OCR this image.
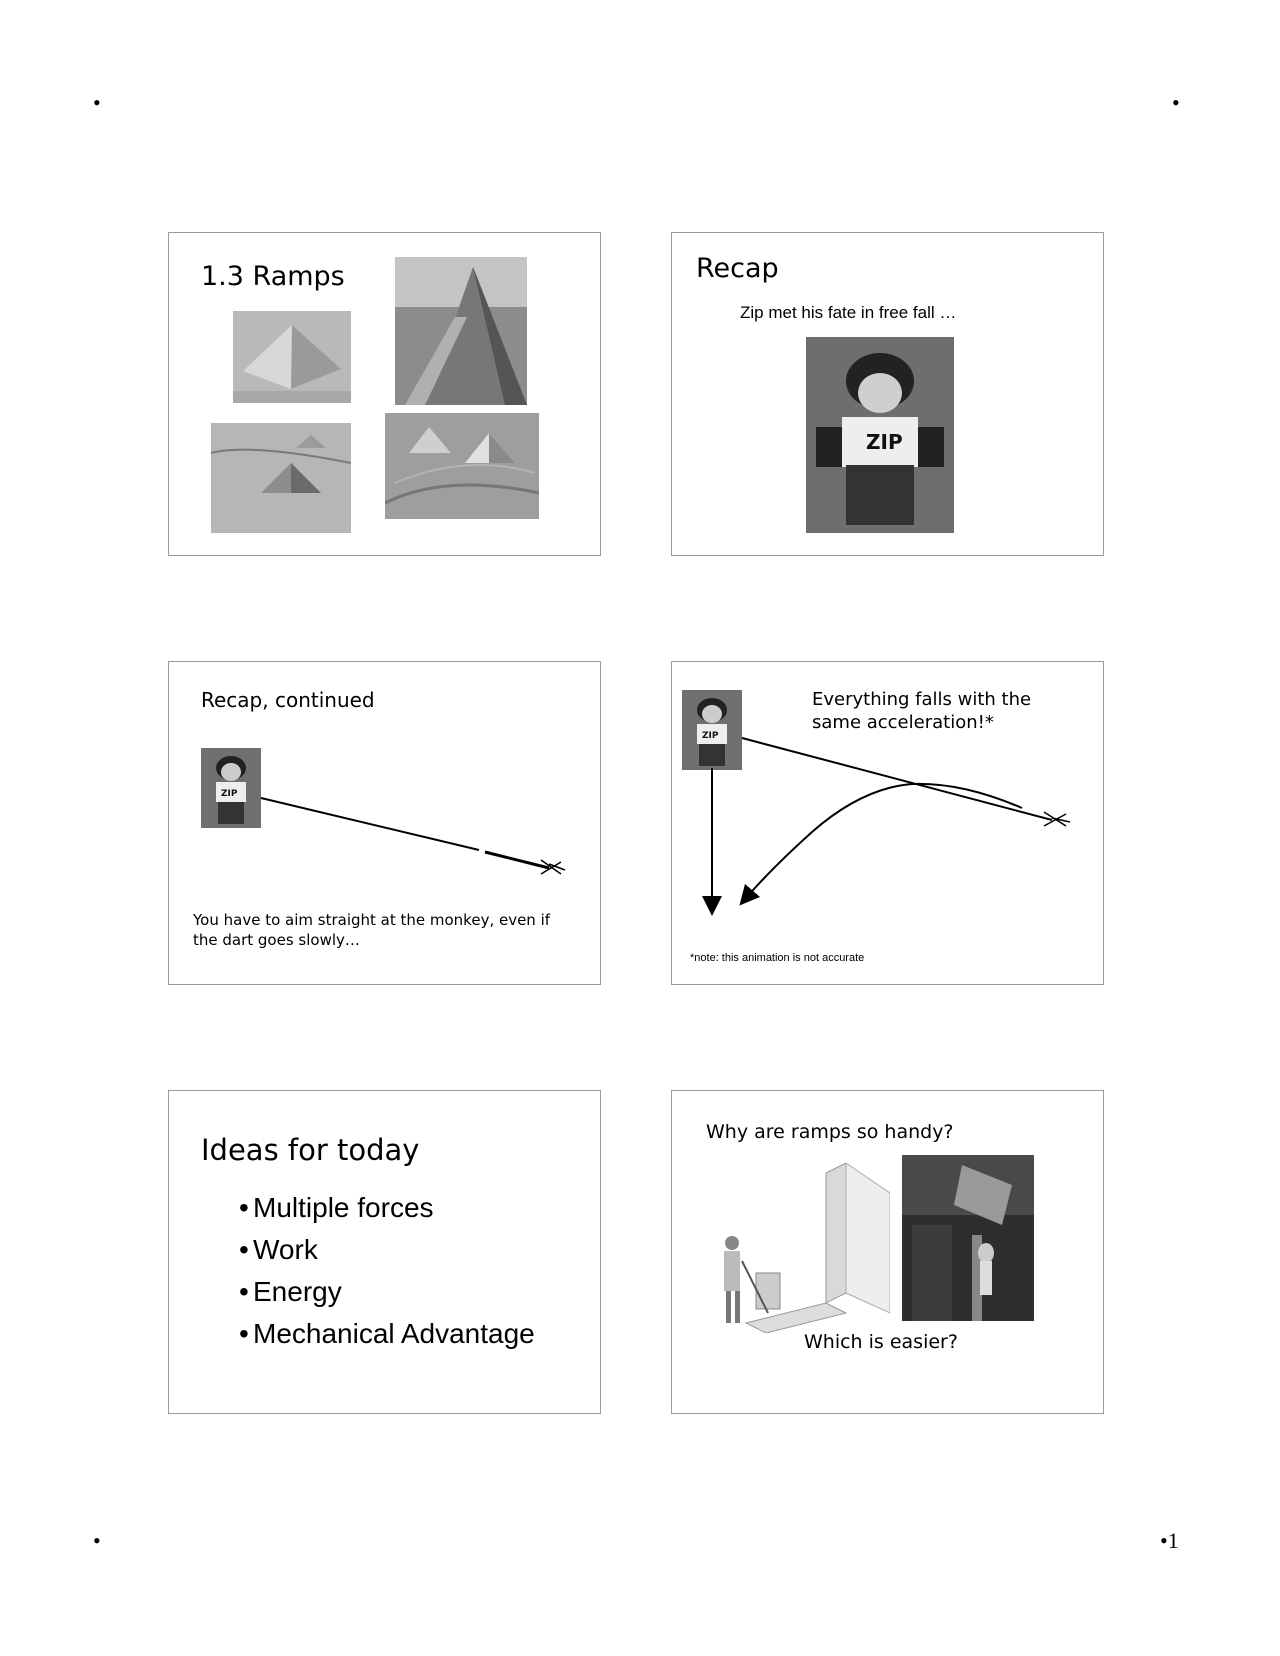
•	•
•	•1
1.3 Ramps	Recap
Zip met his fate in free fall …
ZIP
Recap, continued
ZIP
You have to aim straight at the monkey, even if the dart goes slowly…
ZIP
Everything falls with the same acceleration!*
*note: this animation is not accurate
Ideas for today
• Multiple forces
• Work
• Energy
• Mechanical Advantage
Why are ramps so handy?
Which is easier?
